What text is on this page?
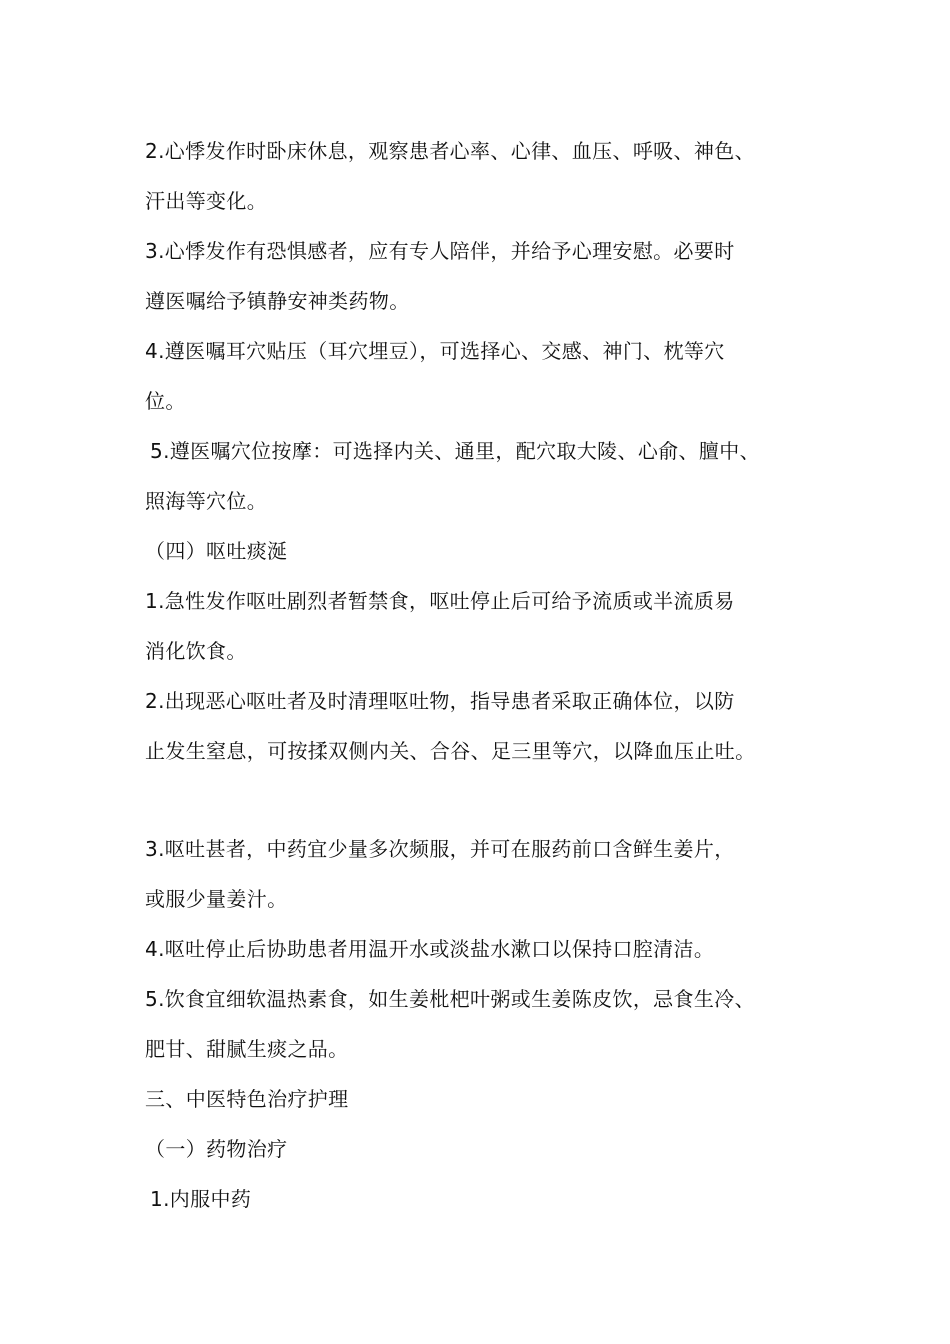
2.心悸发作时卧床休息，观察患者心率、心律、血压、呼吸、神色、
汗出等变化。
3.心悸发作有恐惧感者，应有专人陪伴，并给予心理安慰。必要时
遵医嘱给予镇静安神类药物。
4.遵医嘱耳穴贴压（耳穴埋豆），可选择心、交感、神门、枕等穴
位。
5.遵医嘱穴位按摩：可选择内关、通里，配穴取大陵、心俞、膻中、
照海等穴位。
（四）呕吐痰涎
1.急性发作呕吐剧烈者暂禁食，呕吐停止后可给予流质或半流质易
消化饮食。
2.出现恶心呕吐者及时清理呕吐物，指导患者采取正确体位，以防
止发生窒息，可按揉双侧内关、合谷、足三里等穴，以降血压止吐。
3.呕吐甚者，中药宜少量多次频服，并可在服药前口含鲜生姜片，
或服少量姜汁。
4.呕吐停止后协助患者用温开水或淡盐水漱口以保持口腔清洁。
5.饮食宜细软温热素食，如生姜枇杷叶粥或生姜陈皮饮，忌食生冷、
肥甘、甜腻生痰之品。
三、中医特色治疗护理
（一）药物治疗
1.内服中药
